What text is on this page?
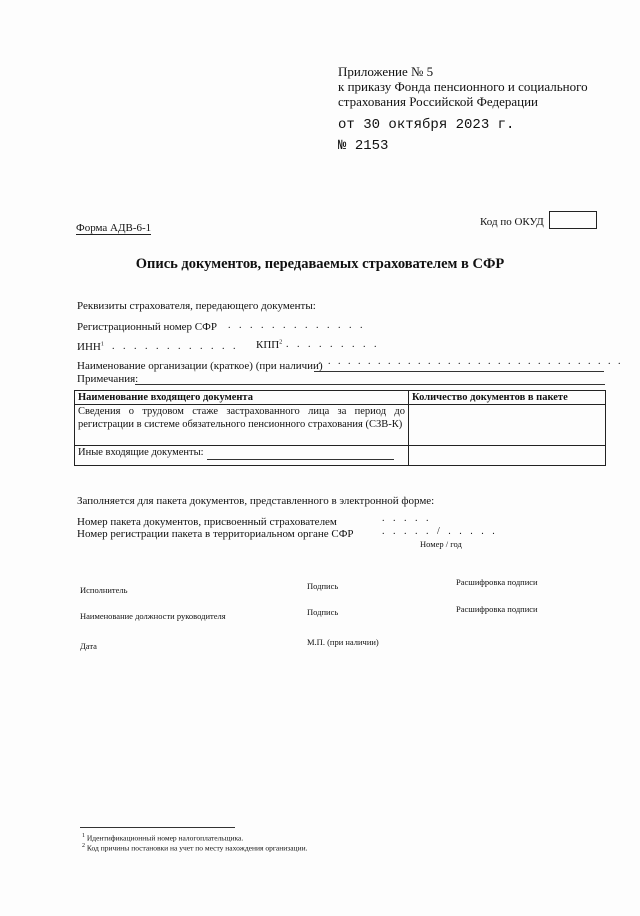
Приложение № 5
к приказу Фонда пенсионного и социального
страхования Российской Федерации
от 30 октября 2023 г.
№ 2153
Форма АДВ-6-1	Код по ОКУД
Опись документов, передаваемых страхователем в СФР
Реквизиты страхователя, передающего документы:
Регистрационный номер СФР . . . . . . . . . . . . .
ИНН$^1$ . . . . . . . . . . . . КПП$^2$ . . . . . . . . .
Наименование организации (краткое) (при наличии)
. . . . . . . . . . . . . . . . . . . . . . . . . . . . . . .
Примечания:
Наименование входящего документа	Количество документов в пакете
Сведения о трудовом стаже застрахованного лица за период до регистрации в системе обязательного пенсионного страхования (СЗВ-К)	
Иные входящие документы:

Заполняется для пакета документов, представленного в электронной форме:
Номер пакета документов, присвоенный страхователем	. . . . .
Номер регистрации пакета в территориальном органе СФР	. . . . . / . . . . .
Номер / год
Исполнитель	Подпись	Расшифровка подписи
Наименование должности руководителя	Подпись	Расшифровка подписи
Дата	М.П. (при наличии)
$^1$ Идентификационный номер налогоплательщика.
$^2$ Код причины постановки на учет по месту нахождения организации.
